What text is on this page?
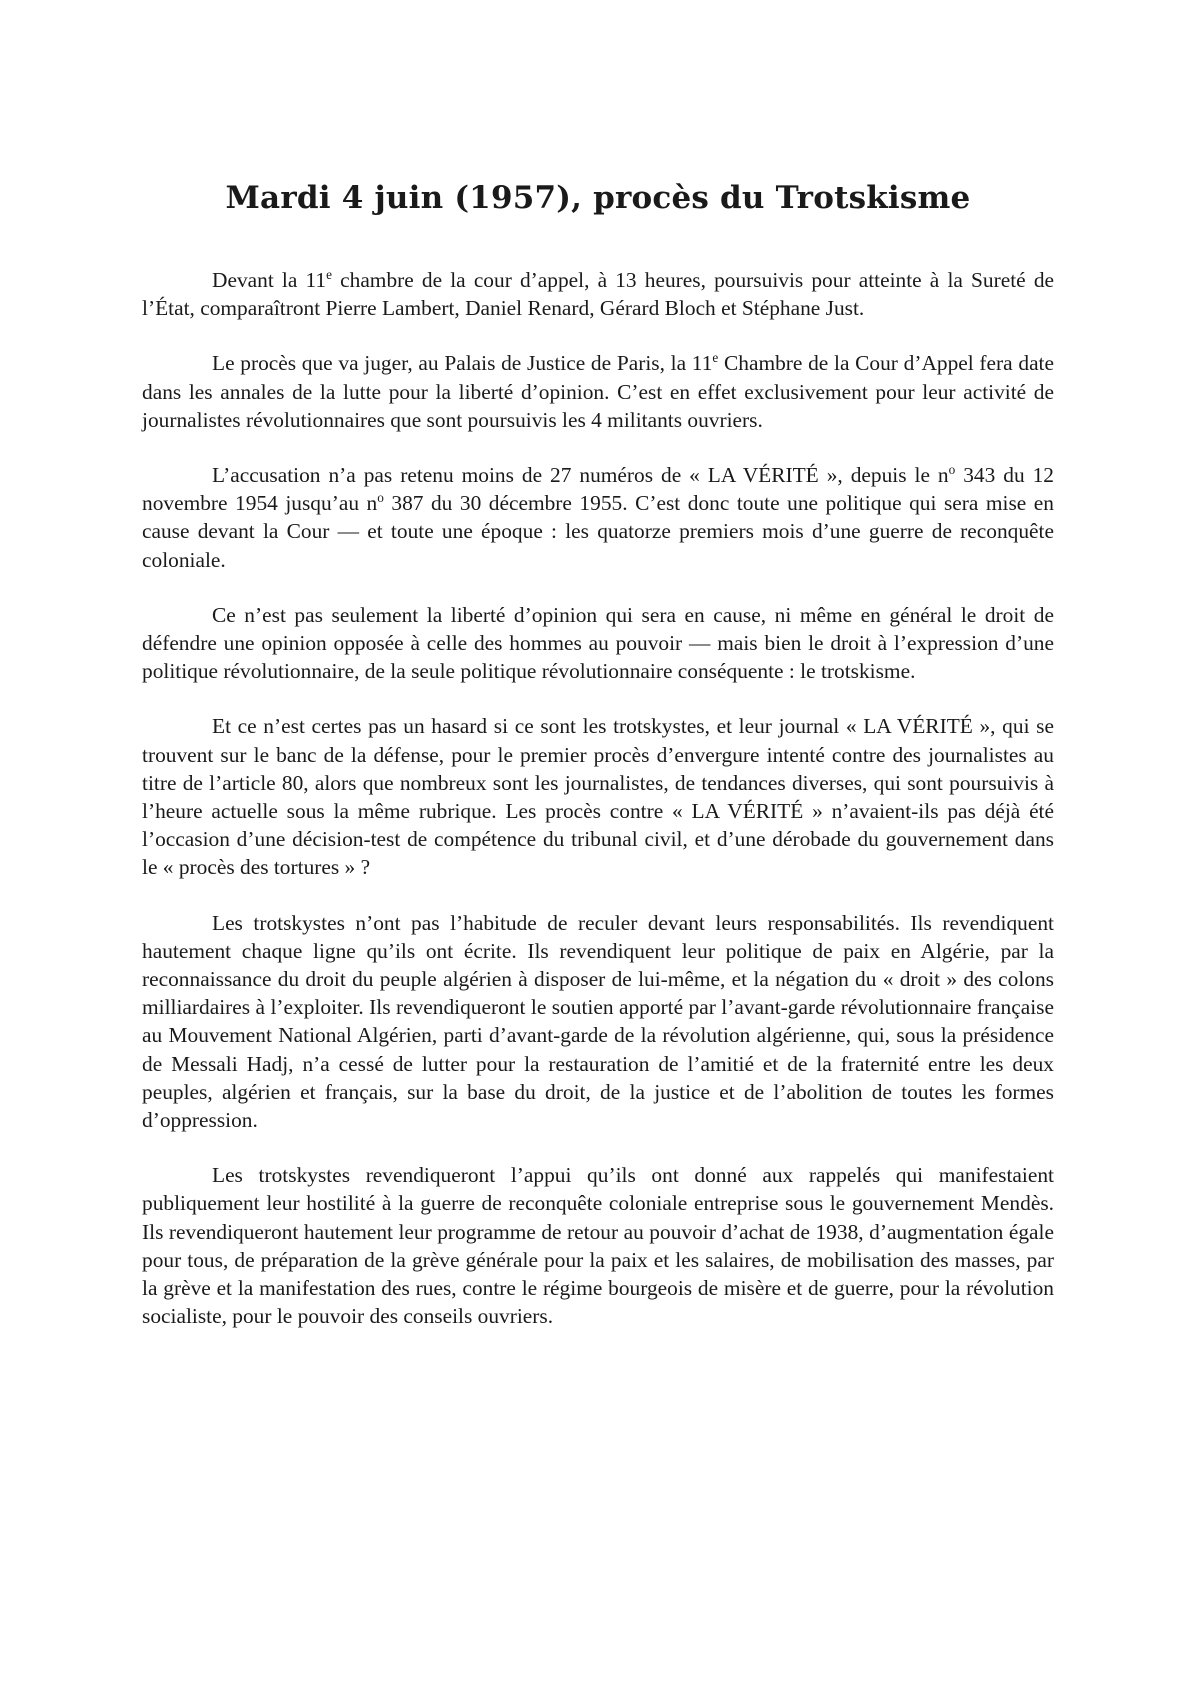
Mardi 4 juin (1957), procès du Trotskisme

Devant la 11e chambre de la cour d’appel, à 13 heures, poursuivis pour atteinte à la Sureté de l’État, comparaîtront Pierre Lambert, Daniel Renard, Gérard Bloch et Stéphane Just.

Le procès que va juger, au Palais de Justice de Paris, la 11e Chambre de la Cour d’Appel fera date dans les annales de la lutte pour la liberté d’opinion. C’est en effet exclusivement pour leur activité de journalistes révolutionnaires que sont poursuivis les 4 militants ouvriers.

L’accusation n’a pas retenu moins de 27 numéros de « LA VÉRITÉ », depuis le $n^o$ 343 du 12 novembre 1954 jusqu’au $n^o$ 387 du 30 décembre 1955. C’est donc toute une politique qui sera mise en cause devant la Cour — et toute une époque : les quatorze premiers mois d’une guerre de reconquête coloniale.

Ce n’est pas seulement la liberté d’opinion qui sera en cause, ni même en général le droit de défendre une opinion opposée à celle des hommes au pouvoir — mais bien le droit à l’expression d’une politique révolutionnaire, de la seule politique révolutionnaire conséquente : le trotskisme.

Et ce n’est certes pas un hasard si ce sont les trotskystes, et leur journal « LA VÉRITÉ », qui se trouvent sur le banc de la défense, pour le premier procès d’envergure intenté contre des journalistes au titre de l’article 80, alors que nombreux sont les journalistes, de tendances diverses, qui sont poursuivis à l’heure actuelle sous la même rubrique. Les procès contre « LA VÉRITÉ » n’avaient-ils pas déjà été l’occasion d’une décision-test de compétence du tribunal civil, et d’une dérobade du gouvernement dans le « procès des tortures » ?

Les trotskystes n’ont pas l’habitude de reculer devant leurs responsabilités. Ils revendiquent hautement chaque ligne qu’ils ont écrite. Ils revendiquent leur politique de paix en Algérie, par la reconnaissance du droit du peuple algérien à disposer de lui-même, et la négation du « droit » des colons milliardaires à l’exploiter. Ils revendiqueront le soutien apporté par l’avant-garde révolutionnaire française au Mouvement National Algérien, parti d’avant-garde de la révolution algérienne, qui, sous la présidence de Messali Hadj, n’a cessé de lutter pour la restauration de l’amitié et de la fraternité entre les deux peuples, algérien et français, sur la base du droit, de la justice et de l’abolition de toutes les formes d’oppression.

Les trotskystes revendiqueront l’appui qu’ils ont donné aux rappelés qui manifestaient publiquement leur hostilité à la guerre de reconquête coloniale entreprise sous le gouvernement Mendès. Ils revendiqueront hautement leur programme de retour au pouvoir d’achat de 1938, d’augmentation égale pour tous, de préparation de la grève générale pour la paix et les salaires, de mobilisation des masses, par la grève et la manifestation des rues, contre le régime bourgeois de misère et de guerre, pour la révolution socialiste, pour le pouvoir des conseils ouvriers.
